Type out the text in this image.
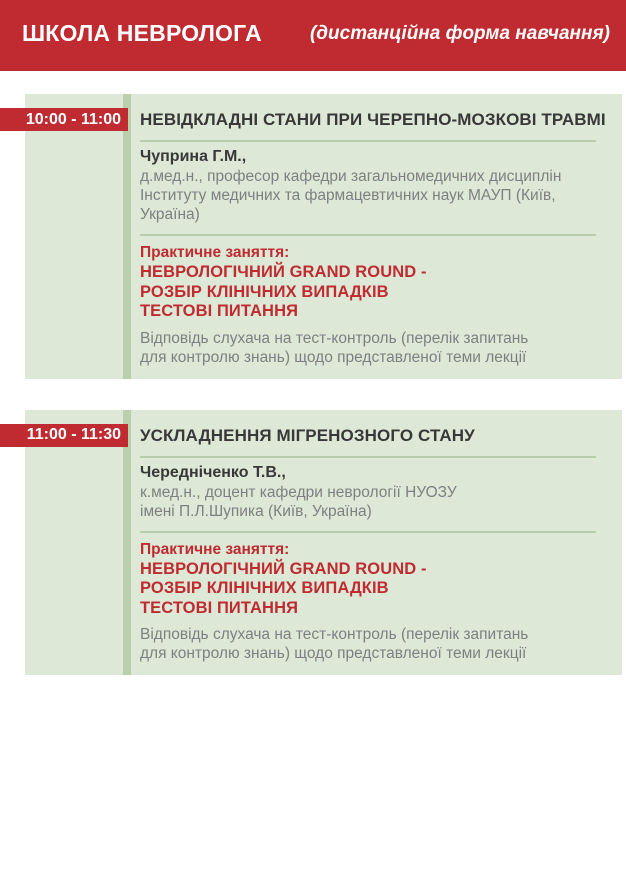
ШКОЛА НЕВРОЛОГА	(дистанційна форма навчання)
10:00 - 11:00	НЕВІДКЛАДНІ СТАНИ ПРИ ЧЕРЕПНО-МОЗКОВІ ТРАВМІ
Чуприна Г.М.,
д.мед.н., професор кафедри загальномедичних дисциплін
Інституту медичних та фармацевтичних наук МАУП (Київ, Україна)
Практичне заняття:
НЕВРОЛОГІЧНИЙ GRAND ROUND -
РОЗБІР КЛІНІЧНИХ ВИПАДКІВ
ТЕСТОВІ ПИТАННЯ
Відповідь слухача на тест-контроль (перелік запитань
для контролю знань) щодо представленої теми лекції
11:00 - 11:30	УСКЛАДНЕННЯ МІГРЕНОЗНОГО СТАНУ
Чередніченко Т.В.,
к.мед.н., доцент кафедри неврології НУОЗУ
імені П.Л.Шупика (Київ, Україна)
Практичне заняття:
НЕВРОЛОГІЧНИЙ GRAND ROUND -
РОЗБІР КЛІНІЧНИХ ВИПАДКІВ
ТЕСТОВІ ПИТАННЯ
Відповідь слухача на тест-контроль (перелік запитань
для контролю знань) щодо представленої теми лекції
